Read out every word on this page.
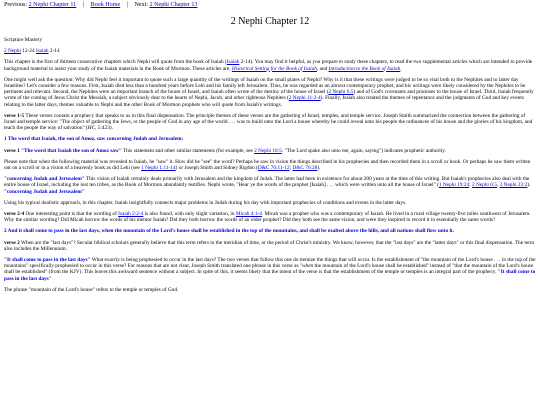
Previous: 2 Nephi Chapter 11 | Book Home | Next: 2 Nephi Chapter 13
2 Nephi Chapter 12

Scripture Mastery

2 Nephi 12-24 Isaiah 2-14

This chapter is the first of thirteen consecutive chapters which Nephi will quote from the book of Isaiah (Isaiah 2-14). You may find it helpful, as you prepare to study these chapters, to read the two supplemental articles which are intended to provide background material to assist your study of the Isaiah materials in the Book of Mormon. These articles are, Historical Setting for the Book of Isaiah, and Introduction to the Book of Isaiah.

One might well ask the question: Why did Nephi feel it important to quote such a large quantity of the writings of Isaiah on the small plates of Nephi? Why is it that these writings were judged to be so vital both to the Nephites and to latter day Israelites? Let's consider a few reasons. First, Isaiah died less than a hundred years before Lehi and his family left Jerusalem. Thus, he was regarded as an almost contemporary prophet, and his writings were likely considered by the Nephites to be pertinent and relevant. Second, the Nephites were an important branch of the house of Israel, and Isaiah often wrote of the destiny of the house of Israel (2 Nephi 6:5) and of God's covenants and promises to the house of Israel. Third, Isaiah frequently wrote of the coming of Jesus Christ the Messiah, a subject obviously dear to the hearts of Nephi, Jacob, and other righteous Nephites (2 Nephi 11:2-4). Finally, Isaiah also treated the themes of repentance and the judgments of God and key events relating to the latter days, themes valuable to Nephi and the other Book of Mormon prophets who will quote from Isaiah's writings.

verse 1-5 These verses contain a prophecy that speaks to us in this final dispensation. The principle themes of these verses are the gathering of Israel, temples, and temple service. Joseph Smith summarized the connection between the gathering of Israel and temple service: "The object of gathering the Jews, or the people of God in any age of the world . . . was to build unto the Lord a house whereby he could reveal unto his people the ordinances of his house and the glories of his kingdom, and teach the people the way of salvation" (HC, 5:423).

1 The word that Isaiah, the son of Amoz, saw concerning Judah and Jerusalem:

verse 1 "The word that Isaiah the son of Amoz saw" This statement and other similar statements (for example, see 2 Nephi 18:5: "The Lord spake also unto me, again, saying") indicates prophetic authority.

Please note that when the following material was revealed to Isaiah, he "saw" it. How did he "see" the word? Perhaps he saw in vision the things described in his prophecies and then recorded them in a scroll or book. Or perhaps he saw them written out on a scroll or in a vision of a heavenly book as did Lehi (see 1 Nephi 1:11-14) or Joseph Smith and Sidney Rigdon (D&C 76:11-12; D&C 76:28).

"concerning Judah and Jerusalem" This vision of Isaiah certainly deals primarily with Jerusalem and the kingdom of Judah. The latter had been in existence for about 200 years at the time of this writing. But Isaiah's prophecies also deal with the entire house of Israel, including the lost ten tribes, as the Book of Mormon abundantly testifies. Nephi wrote, "Hear ye the words of the prophet [Isaiah] . . . which were written unto all the house of Israel" (1 Nephi 19:24; 2 Nephi 6:5, 3 Nephi 23:2). "concerning Judah and Jerusalem"

Using his typical dualistic approach, in this chapter, Isaiah insightfully connects major problems in Judah during his day with important prophecies of conditions and events in the latter days.

verse 2-4 One interesting point is that the wording of Isaiah 2:2-4 is also found, with only slight variation, in Micah 4:1-4. Micah was a prophet who was a contemporary of Isaiah. He lived in a rural village twenty-five miles southwest of Jerusalem. Why the similar wording? Did Micah borrow the words of his mentor Isaiah? Did they both borrow the words of an older prophet? Did they both see the same vision, and were they inspired to record it in essentially the same words?

2 And it shall come to pass in the last days, when the mountain of the Lord's house shall be established in the top of the mountains, and shall be exalted above the hills, and all nations shall flow unto it.

verse 2 When are the "last days"? Secular biblical scholars generally believe that this term refers to the meridian of time, or the period of Christ's ministry. We know, however, that the "last days" are the "latter days" or this final dispensation. The term also includes the Millennium.

"It shall come to pass in the last days" What exactly is being prophesied to occur in the last days? The two verses that follow this one do itemize the things that will occur. Is the establishment of "the mountain of the Lord's house . . . in the top of the mountains" specifically prophesied to occur in this verse? For reasons that are not clear, Joseph Smith translated one phrase in this verse as "when the mountain of the Lord's house shall be established" instead of "that the mountain of the Lord's house shall be established" (from the KJV). This leaves this awkward sentence without a subject. In spite of this, it seems likely that the intent of the verse is that the establishment of the temple or temples is an integral part of the prophecy. "It shall come to pass in the last days"

The phrase "mountain of the Lord's house" refers to the temple or temples of God.
